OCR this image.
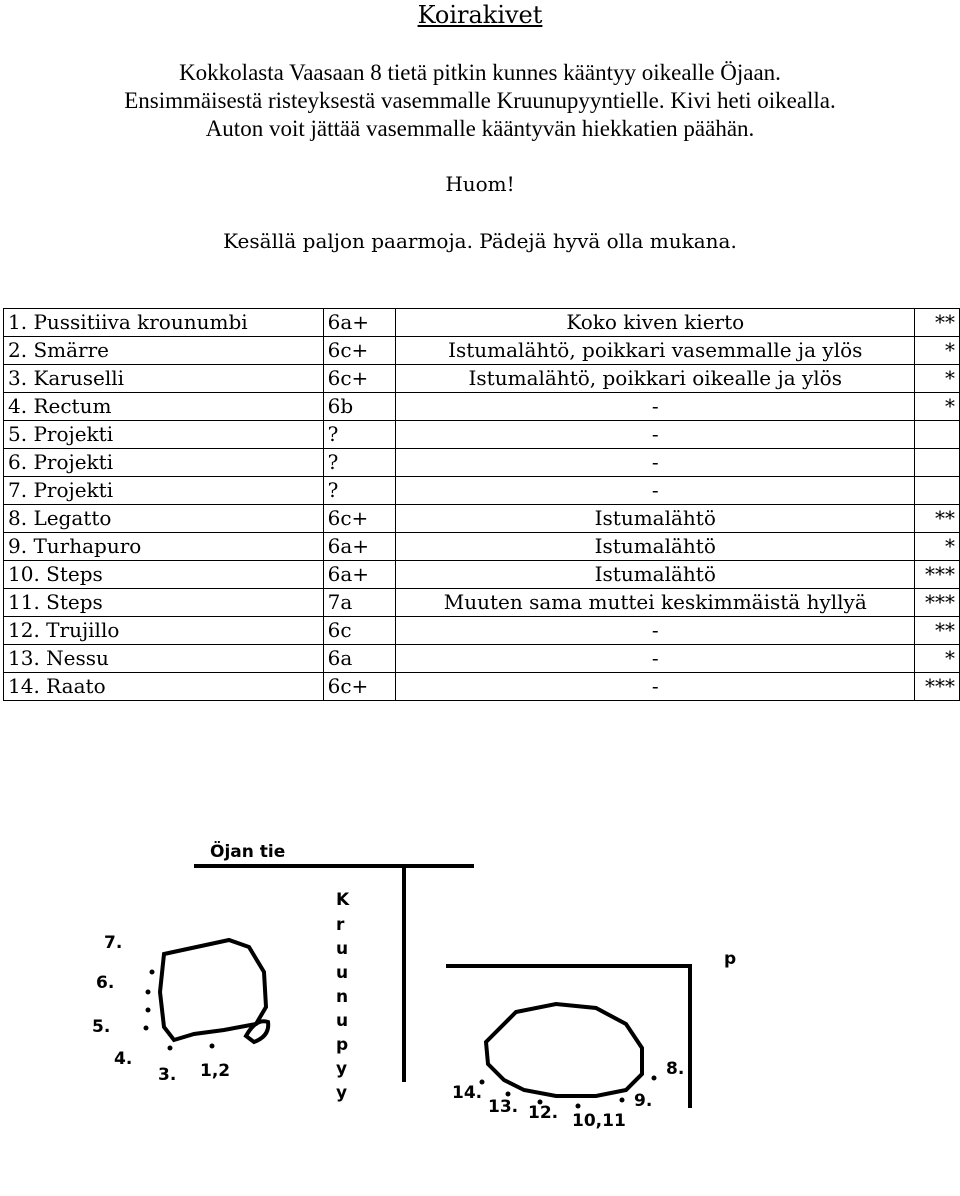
Koirakivet
Kokkolasta Vaasaan 8 tietä pitkin kunnes kääntyy oikealle Öjaan.
Ensimmäisestä risteyksestä vasemmalle Kruunupyyntielle. Kivi heti oikealla.
Auton voit jättää vasemmalle kääntyvän hiekkatien päähän.
Huom!
Kesällä paljon paarmoja. Pädejä hyvä olla mukana.
1. Pussitiiva krounumbi	6a+	Koko kiven kierto	**
2. Smärre	6c+	Istumalähtö, poikkari vasemmalle ja ylös	*
3. Karuselli	6c+	Istumalähtö, poikkari oikealle ja ylös	*
4. Rectum	6b	-	*
5. Projekti	?	-	
6. Projekti	?	-	
7. Projekti	?	-	
8. Legatto	6c+	Istumalähtö	**
9. Turhapuro	6a+	Istumalähtö	*
10. Steps	6a+	Istumalähtö	***
11. Steps	7a	Muuten sama muttei keskimmäistä hyllyä	***
12. Trujillo	6c	-	**
13. Nessu	6a	-	*
14. Raato	6c+	-	***
Öjan tie
K
r
u
u
n
u
p
y
y
7.
6.
5.
4.
3. 1,2
p
14.
13. 12. 10,11
9.
8.
